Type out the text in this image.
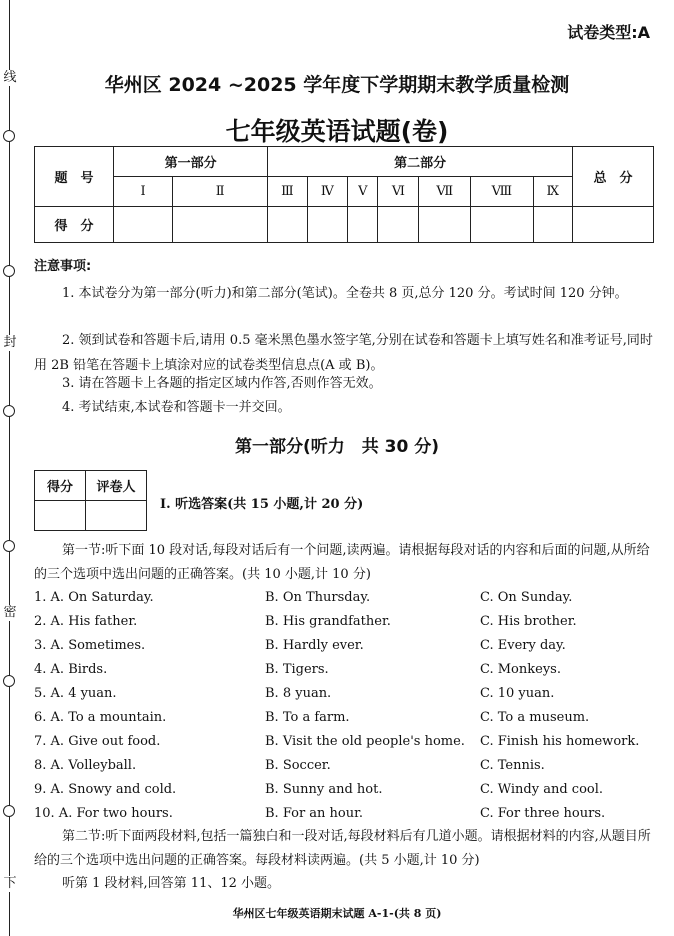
线
封
密
下
试卷类型:A
华州区 2024 ~2025 学年度下学期期末教学质量检测
七年级英语试题(卷)
题　号	第一部分		第二部分							总　分
	Ⅰ	Ⅱ	Ⅲ	Ⅳ	Ⅴ	Ⅵ	Ⅶ	Ⅷ	Ⅸ	
得　分										
注意事项:
1. 本试卷分为第一部分(听力)和第二部分(笔试)。全卷共 8 页,总分 120 分。考试时间 120 分钟。
2. 领到试卷和答题卡后,请用 0.5 毫米黑色墨水签字笔,分别在试卷和答题卡上填写姓名和准考证号,同时用 2B 铅笔在答题卡上填涂对应的试卷类型信息点(A 或 B)。
3. 请在答题卡上各题的指定区域内作答,否则作答无效。
4. 考试结束,本试卷和答题卡一并交回。
第一部分(听力　共 30 分)
得分	评卷人

Ⅰ. 听选答案(共 15 小题,计 20 分)
第一节:听下面 10 段对话,每段对话后有一个问题,读两遍。请根据每段对话的内容和后面的问题,从所给的三个选项中选出问题的正确答案。(共 10 小题,计 10 分)
1. A. On Saturday.	B. On Thursday.	C. On Sunday.
2. A. His father.	B. His grandfather.	C. His brother.
3. A. Sometimes.	B. Hardly ever.	C. Every day.
4. A. Birds.	B. Tigers.	C. Monkeys.
5. A. 4 yuan.	B. 8 yuan.	C. 10 yuan.
6. A. To a mountain.	B. To a farm.	C. To a museum.
7. A. Give out food.	B. Visit the old people's home. C. Finish his homework.
8. A. Volleyball.	B. Soccer.	C. Tennis.
9. A. Snowy and cold.	B. Sunny and hot.	C. Windy and cool.
10. A. For two hours.	B. For an hour.	C. For three hours.
第二节:听下面两段材料,包括一篇独白和一段对话,每段材料后有几道小题。请根据材料的内容,从题目所给的三个选项中选出问题的正确答案。每段材料读两遍。(共 5 小题,计 10 分)
听第 1 段材料,回答第 11、12 小题。
华州区七年级英语期末试题 A-1-(共 8 页)
